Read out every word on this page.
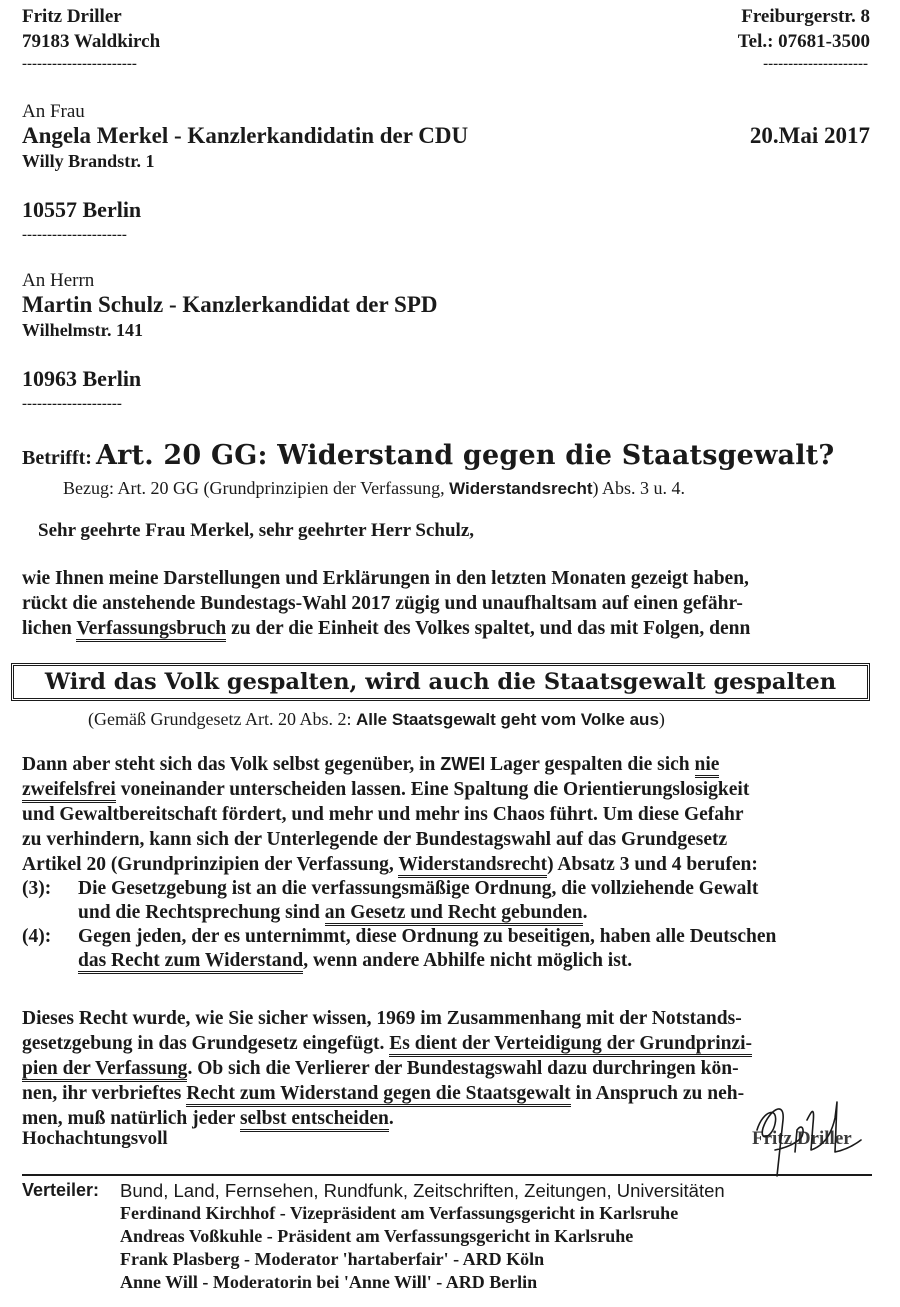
Fritz Driller
79183 Waldkirch
-----------------------
Freiburgerstr. 8
Tel.: 07681-3500
---------------------
An Frau
Angela Merkel - Kanzlerkandidatin der CDU
Willy Brandstr. 1
20.Mai 2017
10557 Berlin
---------------------
An Herrn
Martin Schulz - Kanzlerkandidat der SPD
Wilhelmstr. 141
10963 Berlin
--------------------
Betrifft: Art. 20 GG: Widerstand gegen die Staatsgewalt?
Bezug: Art. 20 GG (Grundprinzipien der Verfassung, Widerstandsrecht) Abs. 3 u. 4.
Sehr geehrte Frau Merkel, sehr geehrter Herr Schulz,
wie Ihnen meine Darstellungen und Erklärungen in den letzten Monaten gezeigt haben,
rückt die anstehende Bundestags-Wahl 2017 zügig und unaufhaltsam auf einen gefähr-
lichen Verfassungsbruch zu der die Einheit des Volkes spaltet, und das mit Folgen, denn
Wird das Volk gespalten, wird auch die Staatsgewalt gespalten
(Gemäß Grundgesetz Art. 20 Abs. 2: Alle Staatsgewalt geht vom Volke aus)
Dann aber steht sich das Volk selbst gegenüber, in ZWEI Lager gespalten die sich nie
zweifelsfrei voneinander unterscheiden lassen. Eine Spaltung die Orientierungslosigkeit
und Gewaltbereitschaft fördert, und mehr und mehr ins Chaos führt. Um diese Gefahr
zu verhindern, kann sich der Unterlegende der Bundestagswahl auf das Grundgesetz
Artikel 20 (Grundprinzipien der Verfassung, Widerstandsrecht) Absatz 3 und 4 berufen:
(3): Die Gesetzgebung ist an die verfassungsmäßige Ordnung, die vollziehende Gewalt
und die Rechtsprechung sind an Gesetz und Recht gebunden.
(4): Gegen jeden, der es unternimmt, diese Ordnung zu beseitigen, haben alle Deutschen
das Recht zum Widerstand, wenn andere Abhilfe nicht möglich ist.
Dieses Recht wurde, wie Sie sicher wissen, 1969 im Zusammenhang mit der Notstands-
gesetzgebung in das Grundgesetz eingefügt. Es dient der Verteidigung der Grundprinzi-
pien der Verfassung. Ob sich die Verlierer der Bundestagswahl dazu durchringen kön-
nen, ihr verbrieftes Recht zum Widerstand gegen die Staatsgewalt in Anspruch zu neh-
men, muß natürlich jeder selbst entscheiden.
Hochachtungsvoll	Fritz Driller
Verteiler: Bund, Land, Fernsehen, Rundfunk, Zeitschriften, Zeitungen, Universitäten
Ferdinand Kirchhof - Vizepräsident am Verfassungsgericht in Karlsruhe
Andreas Voßkuhle - Präsident am Verfassungsgericht in Karlsruhe
Frank Plasberg - Moderator 'hartaberfair' - ARD Köln
Anne Will - Moderatorin bei 'Anne Will' - ARD Berlin
